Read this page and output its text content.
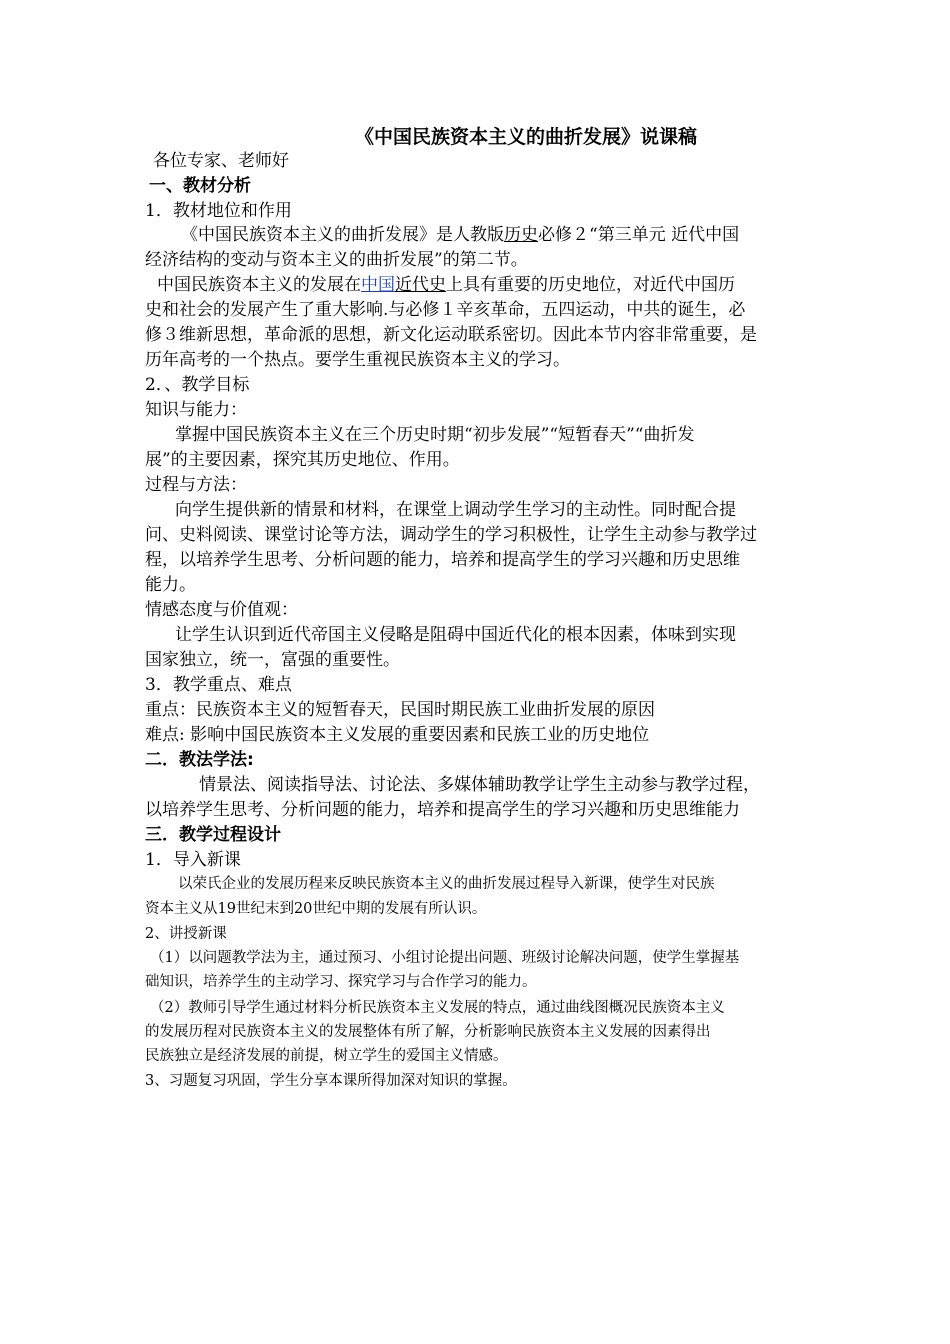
《中国民族资本主义的曲折发展》说课稿
各位专家、老师好
一、教材分析
1．教材地位和作用
《中国民族资本主义的曲折发展》是人教版历史必修２“第三单元 近代中国
经济结构的变动与资本主义的曲折发展”的第二节。
中国民族资本主义的发展在中国近代史上具有重要的历史地位，对近代中国历
史和社会的发展产生了重大影响.与必修１辛亥革命，五四运动，中共的诞生，必
修３维新思想，革命派的思想，新文化运动联系密切。因此本节内容非常重要，是
历年高考的一个热点。要学生重视民族资本主义的学习。
2．、教学目标
知识与能力：
掌握中国民族资本主义在三个历史时期“初步发展”“短暂春天”“曲折发
展”的主要因素，探究其历史地位、作用。
过程与方法：
向学生提供新的情景和材料，在课堂上调动学生学习的主动性。同时配合提
问、史料阅读、课堂讨论等方法，调动学生的学习积极性，让学生主动参与教学过
程，以培养学生思考、分析问题的能力，培养和提高学生的学习兴趣和历史思维
能力。
情感态度与价值观：
让学生认识到近代帝国主义侵略是阻碍中国近代化的根本因素，体味到实现
国家独立，统一，富强的重要性。
3．教学重点、难点
重点：民族资本主义的短暂春天，民国时期民族工业曲折发展的原因
难点: 影响中国民族资本主义发展的重要因素和民族工业的历史地位
二．教法学法:
情景法、阅读指导法、讨论法、多媒体辅助教学让学生主动参与教学过程，
以培养学生思考、分析问题的能力，培养和提高学生的学习兴趣和历史思维能力
三．教学过程设计
1．导入新课
以荣氏企业的发展历程来反映民族资本主义的曲折发展过程导入新课，使学生对民族
资本主义从19世纪末到20世纪中期的发展有所认识。
2、讲授新课
（1）以问题教学法为主，通过预习、小组讨论提出问题、班级讨论解决问题，使学生掌握基
础知识，培养学生的主动学习、探究学习与合作学习的能力。
（2）教师引导学生通过材料分析民族资本主义发展的特点，通过曲线图概况民族资本主义
的发展历程对民族资本主义的发展整体有所了解，分析影响民族资本主义发展的因素得出
民族独立是经济发展的前提，树立学生的爱国主义情感。
3、习题复习巩固，学生分享本课所得加深对知识的掌握。
